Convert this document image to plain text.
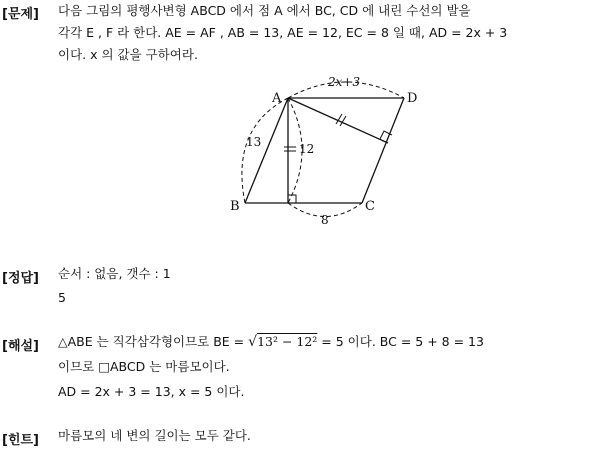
[문제] 다음 그림의 평행사변형 ABCD 에서 점 A 에서 BC, CD 에 내린 수선의 발을
각각 E , F 라 한다. AE = AF , AB = 13, AE = 12, EC = 8 일 때, AD = 2x + 3
이다. x 의 값을 구하여라.
A
B	C
D
2x+3
13	12
8
[정답] 순서 : 없음, 갯수 : 1
5
[해설] △ABE 는 직각삼각형이므로 BE = √13² − 12² = 5 이다. BC = 5 + 8 = 13
이므로 □ABCD 는 마름모이다.
AD = 2x + 3 = 13, x = 5 이다.
[힌트] 마름모의 네 변의 길이는 모두 같다.
